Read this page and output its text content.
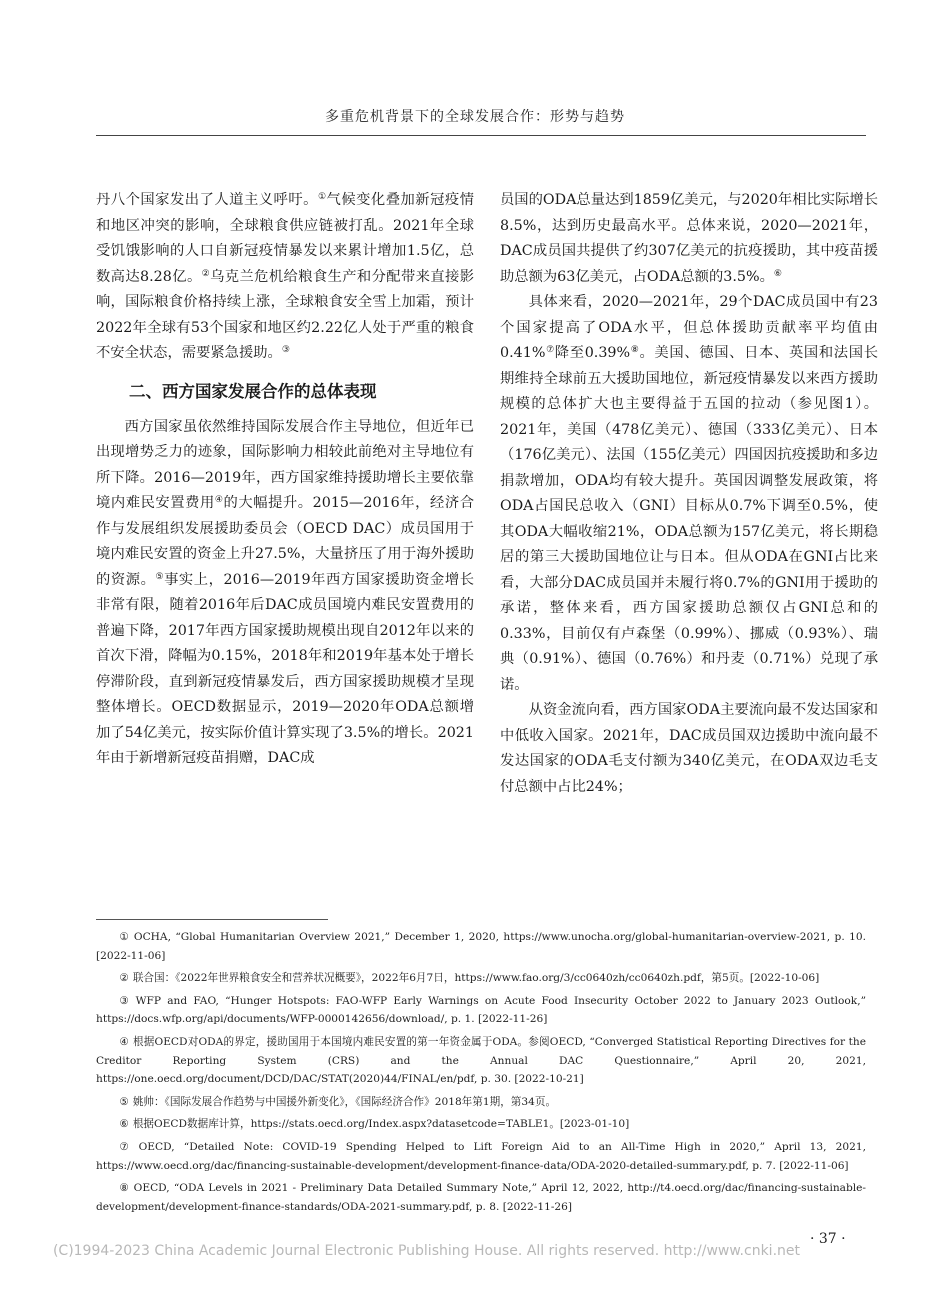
多重危机背景下的全球发展合作：形势与趋势

丹八个国家发出了人道主义呼吁。①气候变化叠加新冠疫情和地区冲突的影响，全球粮食供应链被打乱。2021年全球受饥饿影响的人口自新冠疫情暴发以来累计增加1.5亿，总数高达8.28亿。②乌克兰危机给粮食生产和分配带来直接影响，国际粮食价格持续上涨，全球粮食安全雪上加霜，预计2022年全球有53个国家和地区约2.22亿人处于严重的粮食不安全状态，需要紧急援助。③

二、西方国家发展合作的总体表现

西方国家虽依然维持国际发展合作主导地位，但近年已出现增势乏力的迹象，国际影响力相较此前绝对主导地位有所下降。2016—2019年，西方国家维持援助增长主要依靠境内难民安置费用④的大幅提升。2015—2016年，经济合作与发展组织发展援助委员会（OECD DAC）成员国用于境内难民安置的资金上升27.5%，大量挤压了用于海外援助的资源。⑤事实上，2016—2019年西方国家援助资金增长非常有限，随着2016年后DAC成员国境内难民安置费用的普遍下降，2017年西方国家援助规模出现自2012年以来的首次下滑，降幅为0.15%，2018年和2019年基本处于增长停滞阶段，直到新冠疫情暴发后，西方国家援助规模才呈现整体增长。OECD数据显示，2019—2020年ODA总额增加了54亿美元，按实际价值计算实现了3.5%的增长。2021年由于新增新冠疫苗捐赠，DAC成

员国的ODA总量达到1859亿美元，与2020年相比实际增长8.5%，达到历史最高水平。总体来说，2020—2021年，DAC成员国共提供了约307亿美元的抗疫援助，其中疫苗援助总额为63亿美元，占ODA总额的3.5%。⑥

具体来看，2020—2021年，29个DAC成员国中有23个国家提高了ODA水平，但总体援助贡献率平均值由0.41%⑦降至0.39%⑧。美国、德国、日本、英国和法国长期维持全球前五大援助国地位，新冠疫情暴发以来西方援助规模的总体扩大也主要得益于五国的拉动（参见图1）。2021年，美国（478亿美元）、德国（333亿美元）、日本（176亿美元）、法国（155亿美元）四国因抗疫援助和多边捐款增加，ODA均有较大提升。英国因调整发展政策，将ODA占国民总收入（GNI）目标从0.7%下调至0.5%，使其ODA大幅收缩21%，ODA总额为157亿美元，将长期稳居的第三大援助国地位让与日本。但从ODA在GNI占比来看，大部分DAC成员国并未履行将0.7%的GNI用于援助的承诺，整体来看，西方国家援助总额仅占GNI总和的0.33%，目前仅有卢森堡（0.99%）、挪威（0.93%）、瑞典（0.91%）、德国（0.76%）和丹麦（0.71%）兑现了承诺。

从资金流向看，西方国家ODA主要流向最不发达国家和中低收入国家。2021年，DAC成员国双边援助中流向最不发达国家的ODA毛支付额为340亿美元，在ODA双边毛支付总额中占比24%；

① OCHA, “Global Humanitarian Overview 2021,” December 1, 2020, https://www.unocha.org/global-humanitarian-overview-2021, p. 10. [2022-11-06]

② 联合国：《2022年世界粮食安全和营养状况概要》，2022年6月7日，https://www.fao.org/3/cc0640zh/cc0640zh.pdf，第5页。[2022-10-06]

③ WFP and FAO, “Hunger Hotspots: FAO-WFP Early Warnings on Acute Food Insecurity October 2022 to January 2023 Outlook,” https://docs.wfp.org/api/documents/WFP-0000142656/download/, p. 1. [2022-11-26]

④ 根据OECD对ODA的界定，援助国用于本国境内难民安置的第一年资金属于ODA。参阅OECD, “Converged Statistical Reporting Directives for the Creditor Reporting System (CRS) and the Annual DAC Questionnaire,” April 20, 2021, https://one.oecd.org/document/DCD/DAC/STAT(2020)44/FINAL/en/pdf, p. 30. [2022-10-21]

⑤ 姚帅：《国际发展合作趋势与中国援外新变化》，《国际经济合作》2018年第1期，第34页。

⑥ 根据OECD数据库计算，https://stats.oecd.org/Index.aspx?datasetcode=TABLE1。[2023-01-10]

⑦ OECD, “Detailed Note: COVID-19 Spending Helped to Lift Foreign Aid to an All-Time High in 2020,” April 13, 2021, https://www.oecd.org/dac/financing-sustainable-development/development-finance-data/ODA-2020-detailed-summary.pdf, p. 7. [2022-11-06]

⑧ OECD, “ODA Levels in 2021 - Preliminary Data Detailed Summary Note,” April 12, 2022, http://t4.oecd.org/dac/financing-sustainable-development/development-finance-standards/ODA-2021-summary.pdf, p. 8. [2022-11-26]

· 37 ·
(C)1994-2023 China Academic Journal Electronic Publishing House. All rights reserved. http://www.cnki.net
